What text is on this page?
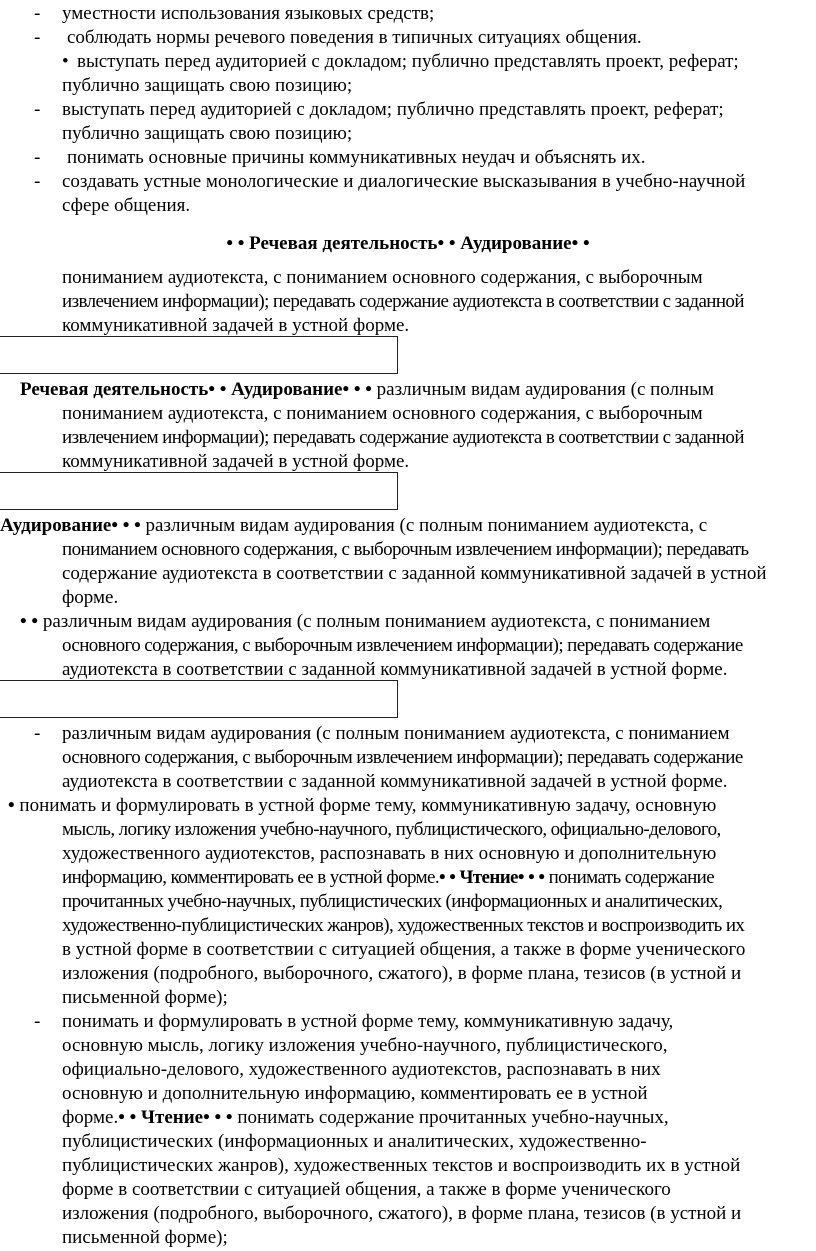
- уместности использования языковых средств;
- соблюдать нормы речевого поведения в типичных ситуациях общения.
• выступать перед аудиторией с докладом; публично представлять проект, реферат;
публично защищать свою позицию;
- выступать перед аудиторией с докладом; публично представлять проект, реферат;
публично защищать свою позицию;
- понимать основные причины коммуникативных неудач и объяснять их.
- создавать устные монологические и диалогические высказывания в учебно-научной
сфере общения.
• • Речевая деятельность• • Аудирование• •
пониманием аудиотекста, с пониманием основного содержания, с выборочным
извлечением информации); передавать содержание аудиотекста в соответствии с заданной
коммуникативной задачей в устной форме.
Речевая деятельность• • Аудирование• • • различным видам аудирования (с полным
пониманием аудиотекста, с пониманием основного содержания, с выборочным
извлечением информации); передавать содержание аудиотекста в соответствии с заданной
коммуникативной задачей в устной форме.
Аудирование• • • различным видам аудирования (с полным пониманием аудиотекста, с
пониманием основного содержания, с выборочным извлечением информации); передавать
содержание аудиотекста в соответствии с заданной коммуникативной задачей в устной
форме.
• • различным видам аудирования (с полным пониманием аудиотекста, с пониманием
основного содержания, с выборочным извлечением информации); передавать содержание
аудиотекста в соответствии с заданной коммуникативной задачей в устной форме.
- различным видам аудирования (с полным пониманием аудиотекста, с пониманием
основного содержания, с выборочным извлечением информации); передавать содержание
аудиотекста в соответствии с заданной коммуникативной задачей в устной форме.
• понимать и формулировать в устной форме тему, коммуникативную задачу, основную
мысль, логику изложения учебно-научного, публицистического, официально-делового,
художественного аудиотекстов, распознавать в них основную и дополнительную
информацию, комментировать ее в устной форме.• • Чтение• • • понимать содержание
прочитанных учебно-научных, публицистических (информационных и аналитических,
художественно-публицистических жанров), художественных текстов и воспроизводить их
в устной форме в соответствии с ситуацией общения, а также в форме ученического
изложения (подробного, выборочного, сжатого), в форме плана, тезисов (в устной и
письменной форме);
- понимать и формулировать в устной форме тему, коммуникативную задачу,
основную мысль, логику изложения учебно-научного, публицистического,
официально-делового, художественного аудиотекстов, распознавать в них
основную и дополнительную информацию, комментировать ее в устной
форме.• • Чтение• • • понимать содержание прочитанных учебно-научных,
публицистических (информационных и аналитических, художественно-
публицистических жанров), художественных текстов и воспроизводить их в устной
форме в соответствии с ситуацией общения, а также в форме ученического
изложения (подробного, выборочного, сжатого), в форме плана, тезисов (в устной и
письменной форме);
